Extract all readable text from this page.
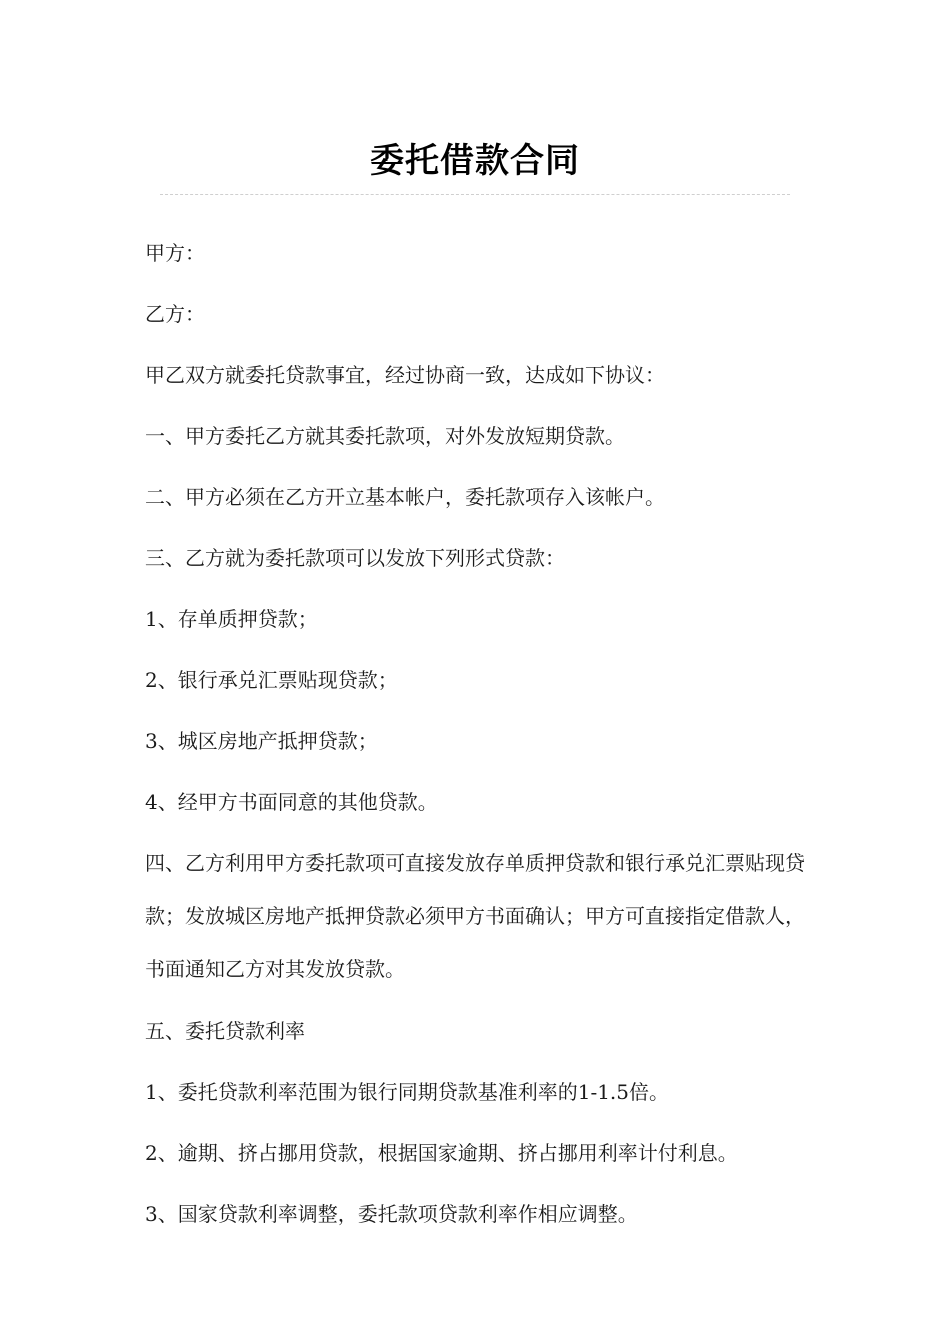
委托借款合同

甲方：

乙方：

甲乙双方就委托贷款事宜，经过协商一致，达成如下协议：

一、甲方委托乙方就其委托款项，对外发放短期贷款。

二、甲方必须在乙方开立基本帐户，委托款项存入该帐户。

三、乙方就为委托款项可以发放下列形式贷款：

1、存单质押贷款；

2、银行承兑汇票贴现贷款；

3、城区房地产抵押贷款；

4、经甲方书面同意的其他贷款。

四、乙方利用甲方委托款项可直接发放存单质押贷款和银行承兑汇票贴现贷款；发放城区房地产抵押贷款必须甲方书面确认；甲方可直接指定借款人，书面通知乙方对其发放贷款。

五、委托贷款利率

1、委托贷款利率范围为银行同期贷款基准利率的1-1.5倍。

2、逾期、挤占挪用贷款，根据国家逾期、挤占挪用利率计付利息。

3、国家贷款利率调整，委托款项贷款利率作相应调整。
